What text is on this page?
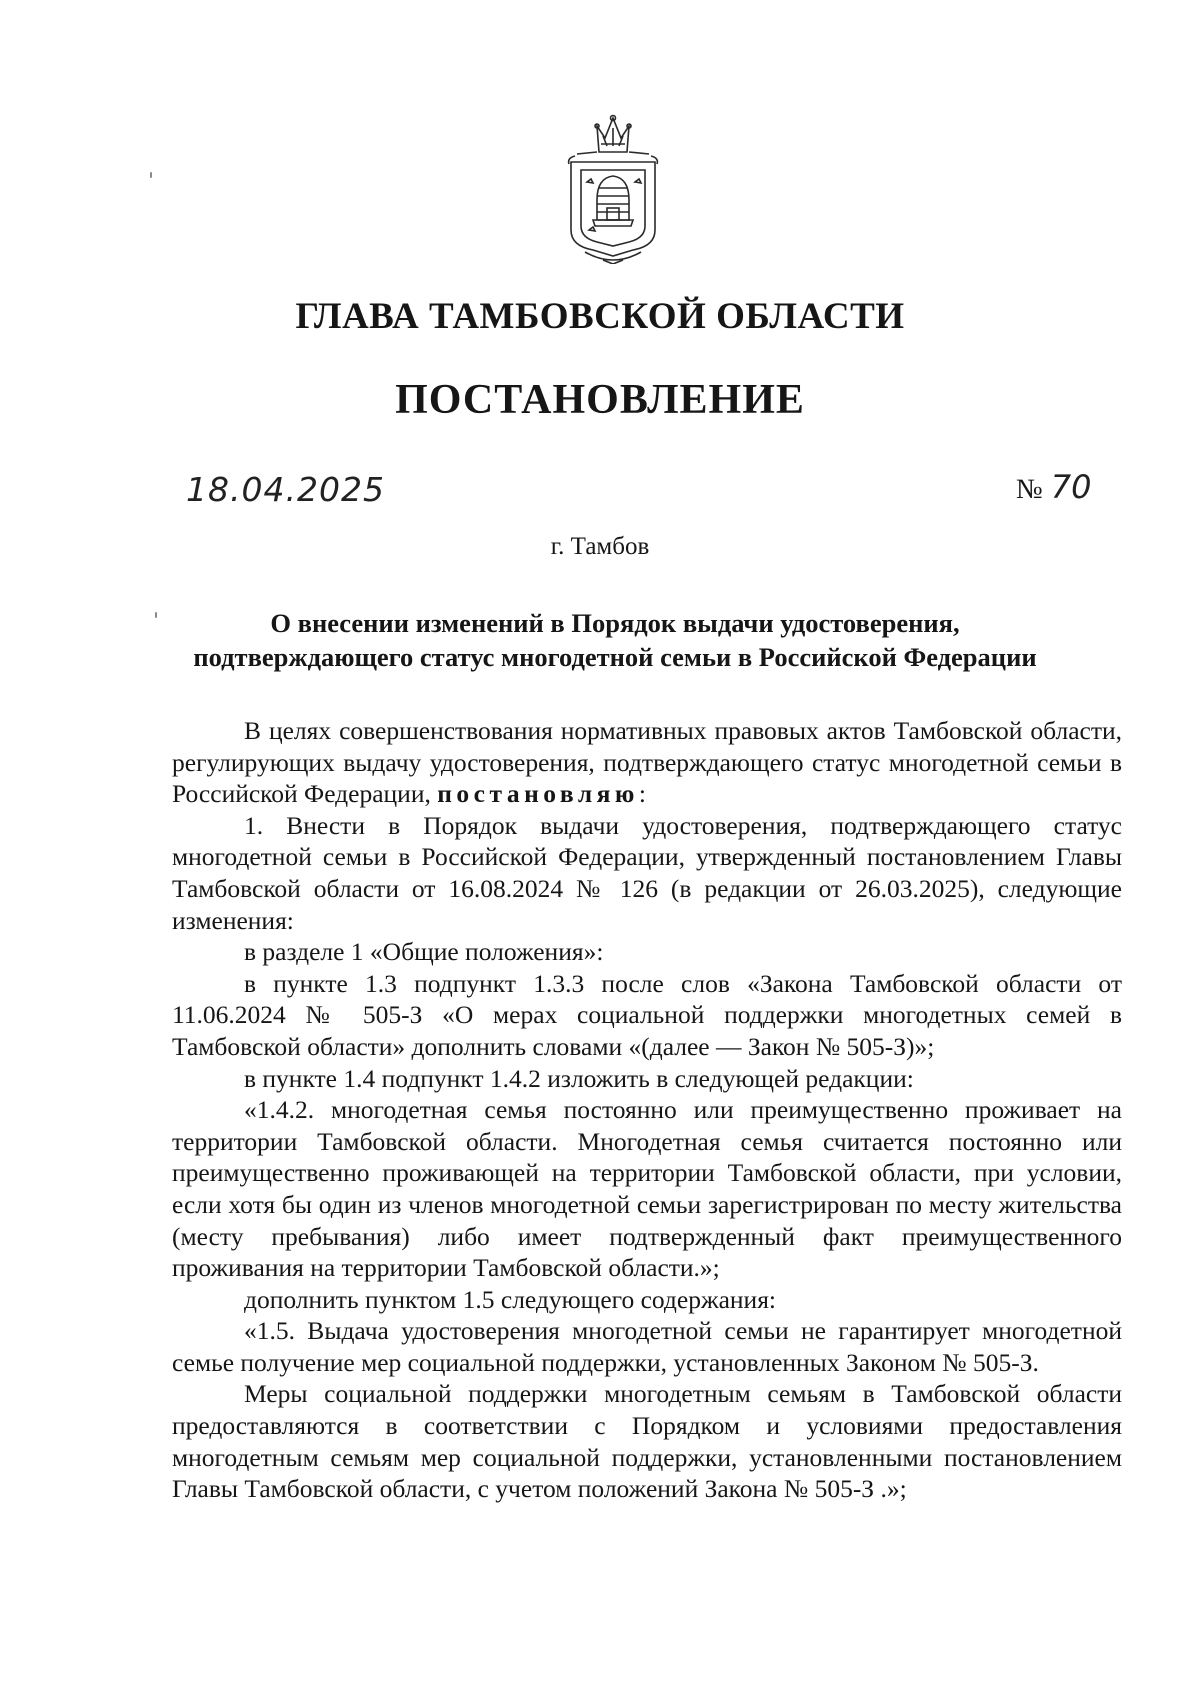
ГЛАВА ТАМБОВСКОЙ ОБЛАСТИ
ПОСТАНОВЛЕНИЕ
18.04.2025	№ 70
г. Тамбов
О внесении изменений в Порядок выдачи удостоверения,
подтверждающего статус многодетной семьи в Российской Федерации

В целях совершенствования нормативных правовых актов Тамбовской области, регулирующих выдачу удостоверения, подтверждающего статус многодетной семьи в Российской Федерации, постановляю:

1. Внести в Порядок выдачи удостоверения, подтверждающего статус многодетной семьи в Российской Федерации, утвержденный постановлением Главы Тамбовской области от 16.08.2024 № 126 (в редакции от 26.03.2025), следующие изменения:

в разделе 1 «Общие положения»:

в пункте 1.3 подпункт 1.3.3 после слов «Закона Тамбовской области от 11.06.2024 № 505-З «О мерах социальной поддержки многодетных семей в Тамбовской области» дополнить словами «(далее — Закон № 505-З)»;

в пункте 1.4 подпункт 1.4.2 изложить в следующей редакции:

«1.4.2. многодетная семья постоянно или преимущественно проживает на территории Тамбовской области. Многодетная семья считается постоянно или преимущественно проживающей на территории Тамбовской области, при условии, если хотя бы один из членов многодетной семьи зарегистрирован по месту жительства (месту пребывания) либо имеет подтвержденный факт преимущественного проживания на территории Тамбовской области.»;

дополнить пунктом 1.5 следующего содержания:

«1.5. Выдача удостоверения многодетной семьи не гарантирует многодетной семье получение мер социальной поддержки, установленных Законом № 505-З.

Меры социальной поддержки многодетным семьям в Тамбовской области предоставляются в соответствии с Порядком и условиями предоставления многодетным семьям мер социальной поддержки, установленными постановлением Главы Тамбовской области, с учетом положений Закона № 505-З .»;
